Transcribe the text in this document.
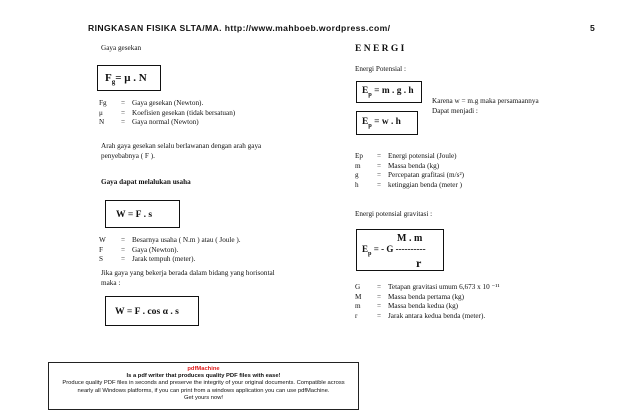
RINGKASAN FISIKA SLTA/MA. http://www.mahboeb.wordpress.com/	5
Gaya gesekan
$F_g= \mu$ . N
Fg	=	Gaya gesekan (Newton).
μ	=	Koefisien gesekan (tidak bersatuan)
N	=	Gaya normal (Newton)
Arah gaya gesekan selalu berlawanan dengan arah gaya
penyebabnya ( F ).
Gaya dapat melalukan usaha
W = F . s
W	=	Besarnya usaha ( N.m ) atau ( Joule ).
F	=	Gaya (Newton).
S	=	Jarak tempuh (meter).
Jika gaya yang bekerja berada dalam bidang yang horisontal
maka :
W = F . cos α . s
E N E R G I
Energi Potensial :
$E_p = m$ . g . h
Karena w = m.g maka persamaannya
Dapat menjadi :
$E_p = w$ . h
Ep	=	Energi potensial (Joule)
m	=	Massa benda (kg)
g	=	Percepatan grafitasi (m/s²)
h	=	ketinggian benda (meter )
Energi potensial gravitasi :
M . m
$E_p$ = - G ----------
r
G	=	Tetapan gravitasi umum 6,673 x 10 ⁻¹¹
M	=	Massa benda pertama (kg)
m	=	Massa benda kedua (kg)
r	=	Jarak antara kedua benda (meter).
pdfMachine
Is a pdf writer that produces quality PDF files with ease!
Produce quality PDF files in seconds and preserve the integrity of your original documents. Compatible across
nearly all Windows platforms, if you can print from a windows application you can use pdfMachine.
Get yours now!
